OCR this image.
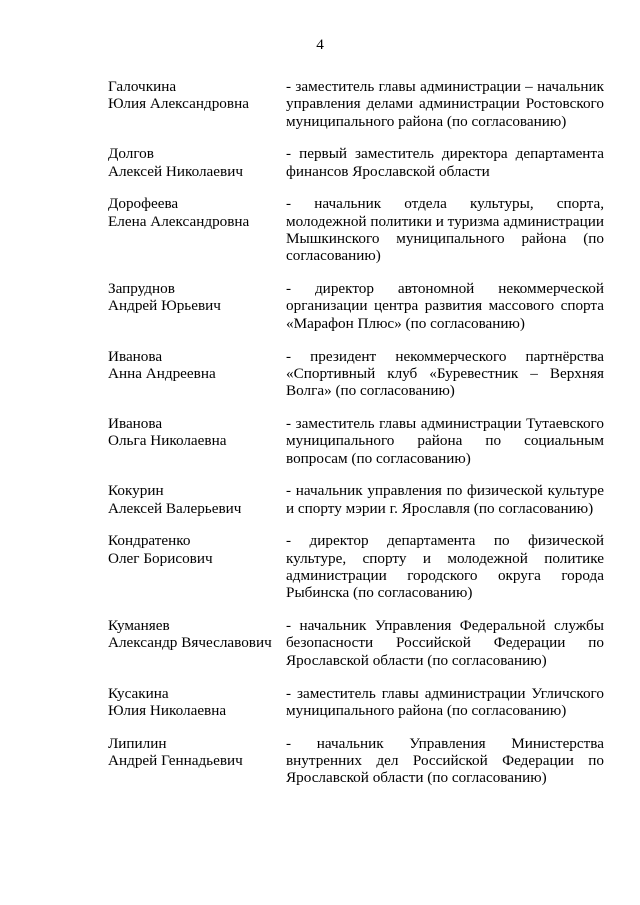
4
Галочкина
Юлия Александровна
- заместитель главы администрации – начальник управления делами администрации Ростовского муниципального района (по согласованию)
Долгов
Алексей Николаевич
- первый заместитель директора департамента финансов Ярославской области
Дорофеева
Елена Александровна
- начальник отдела культуры, спорта, молодежной политики и туризма администрации Мышкинского муниципального района (по согласованию)
Запруднов
Андрей Юрьевич
- директор автономной некоммерческой организации центра развития массового спорта «Марафон Плюс» (по согласованию)
Иванова
Анна Андреевна
- президент некоммерческого партнёрства «Спортивный клуб «Буревестник – Верхняя Волга» (по согласованию)
Иванова
Ольга Николаевна
- заместитель главы администрации Тутаевского муниципального района по социальным вопросам (по согласованию)
Кокурин
Алексей Валерьевич
- начальник управления по физической культуре и спорту мэрии г. Ярославля (по согласованию)
Кондратенко
Олег Борисович
- директор департамента по физической культуре, спорту и молодежной политике администрации городского округа города Рыбинска (по согласованию)
Куманяев
Александр Вячеславович
- начальник Управления Федеральной службы безопасности Российской Федерации по Ярославской области (по согласованию)
Кусакина
Юлия Николаевна
- заместитель главы администрации Угличского муниципального района (по согласованию)
Липилин
Андрей Геннадьевич
- начальник Управления Министерства внутренних дел Российской Федерации по Ярославской области (по согласованию)
